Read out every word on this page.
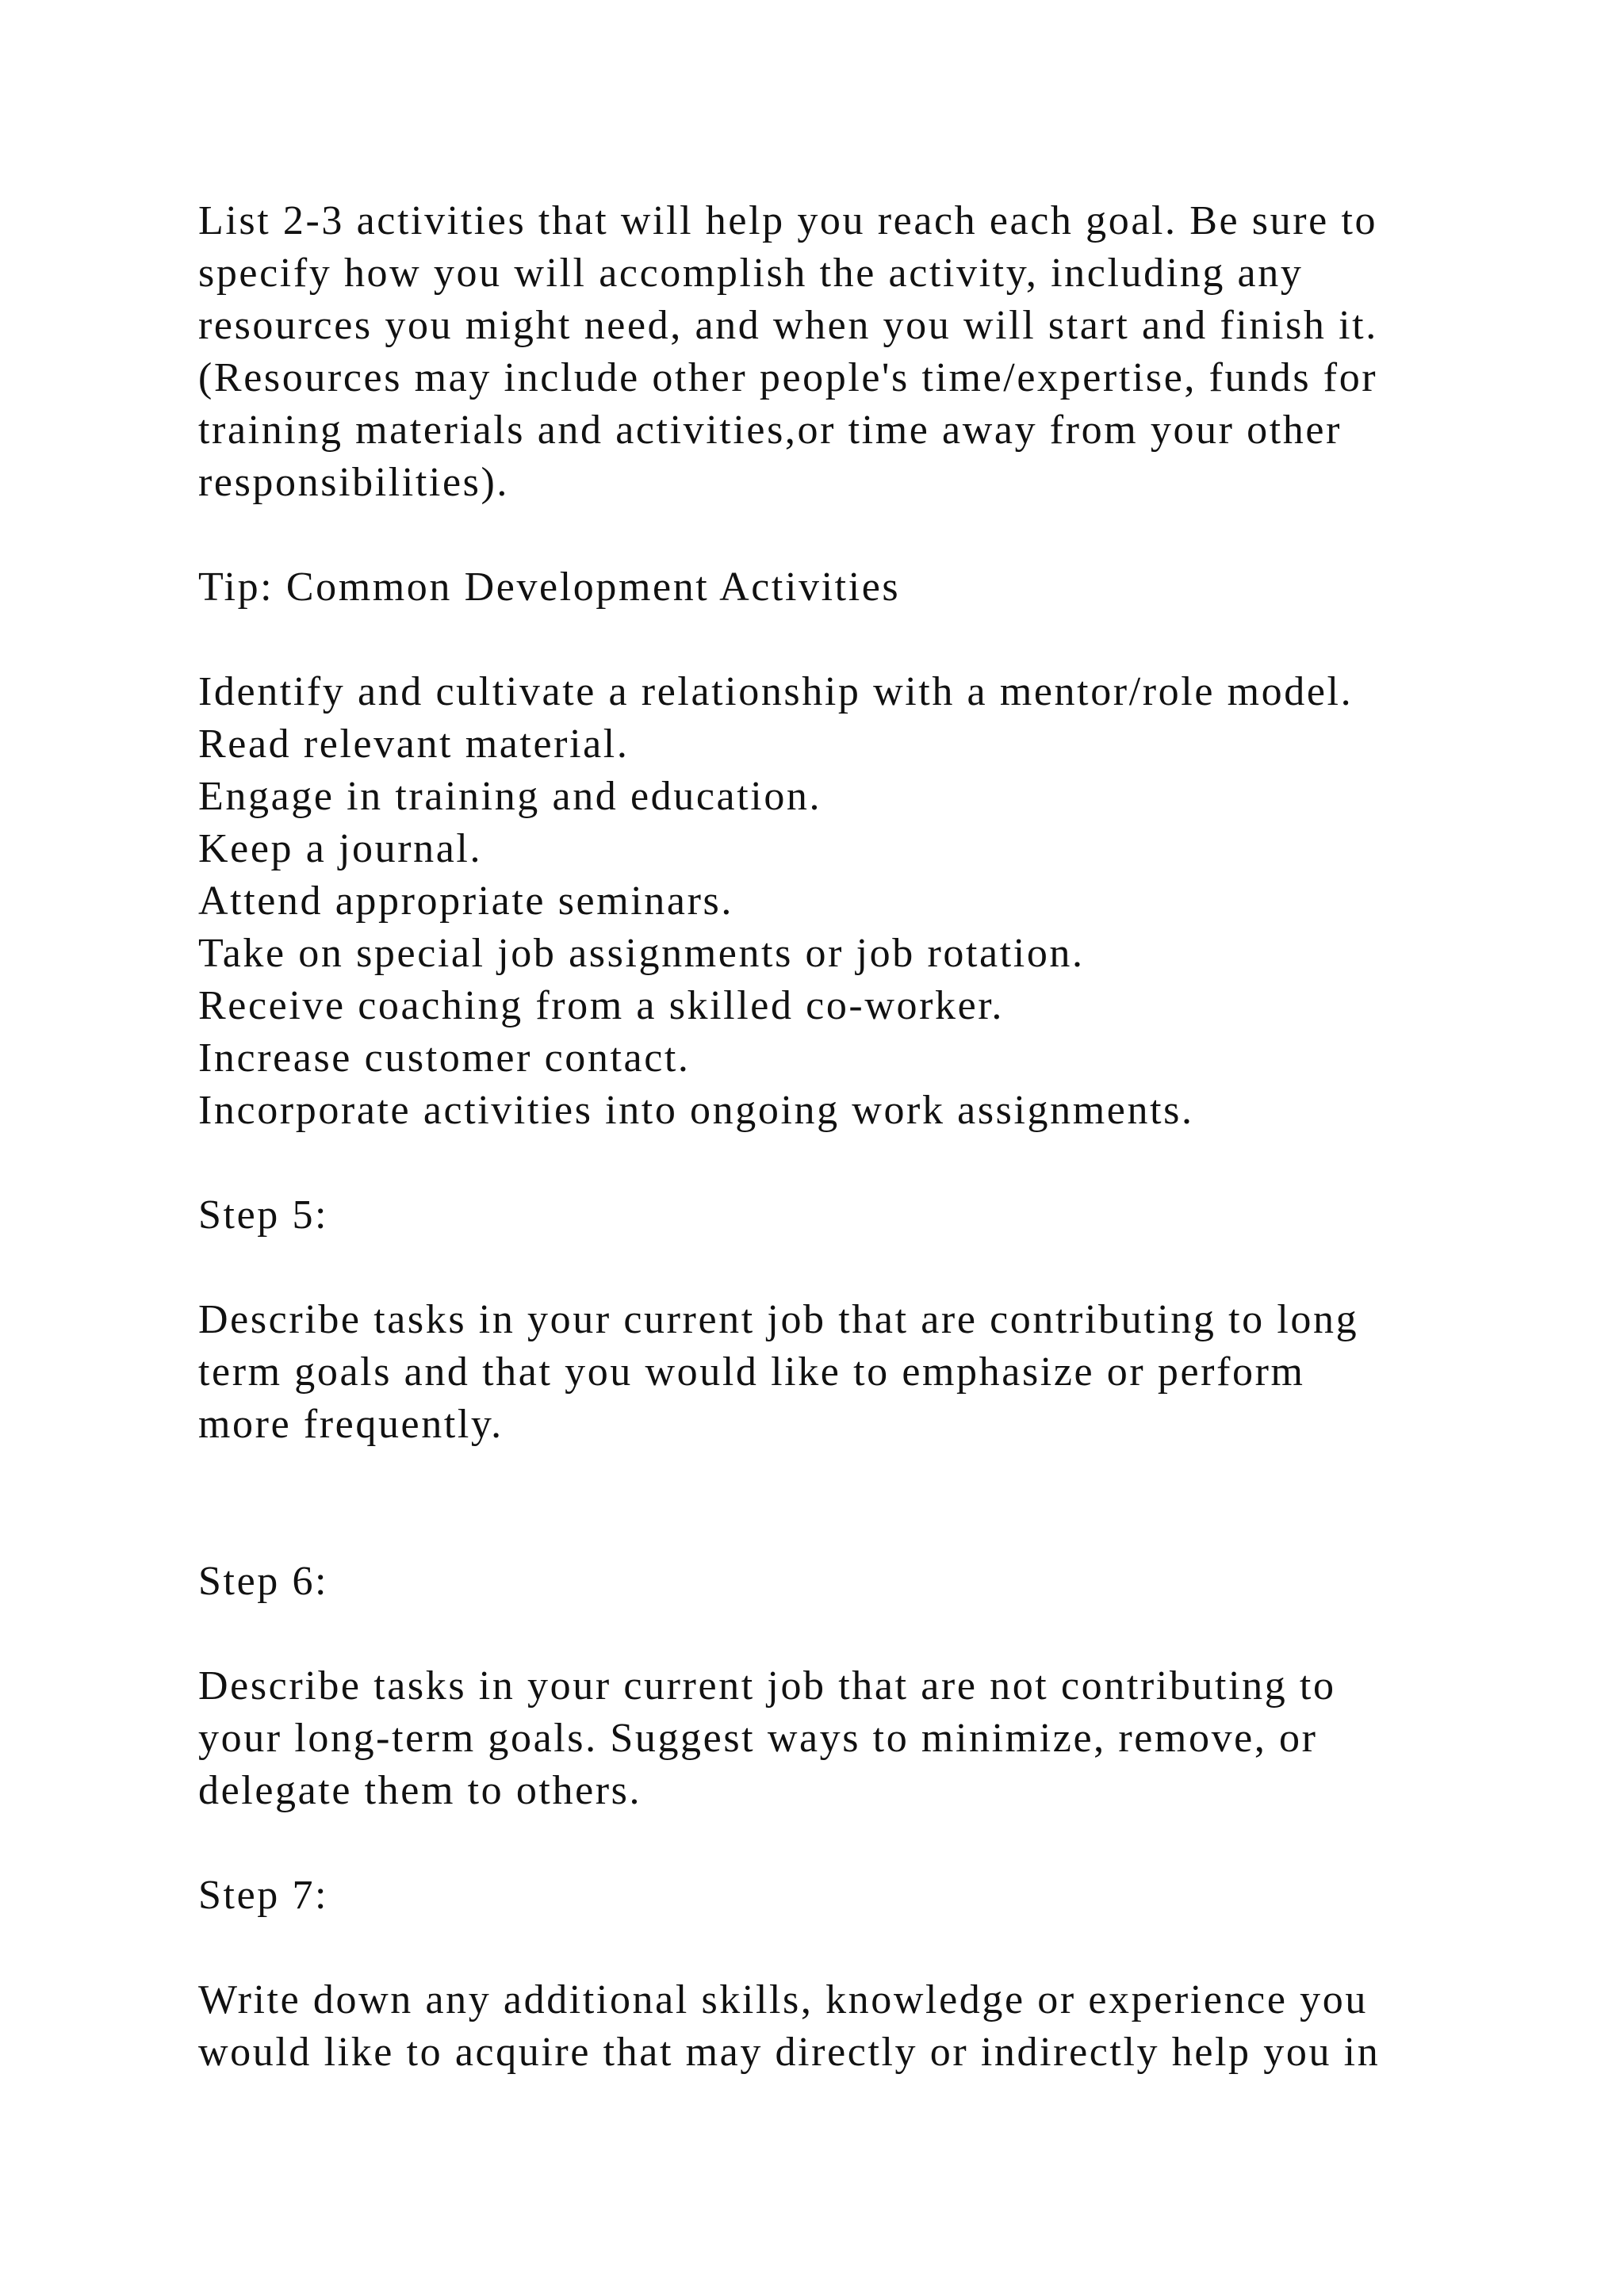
List 2-3 activities that will help you reach each goal. Be sure to
specify how you will accomplish the activity, including any
resources you might need, and when you will start and finish it.
(Resources may include other people's time/expertise, funds for
training materials and activities,or time away from your other
responsibilities).
Tip: Common Development Activities
Identify and cultivate a relationship with a mentor/role model.
Read relevant material.
Engage in training and education.
Keep a journal.
Attend appropriate seminars.
Take on special job assignments or job rotation.
Receive coaching from a skilled co-worker.
Increase customer contact.
Incorporate activities into ongoing work assignments.
Step 5:
Describe tasks in your current job that are contributing to long
term goals and that you would like to emphasize or perform
more frequently.
Step 6:
Describe tasks in your current job that are not contributing to
your long-term goals. Suggest ways to minimize, remove, or
delegate them to others.
Step 7:
Write down any additional skills, knowledge or experience you
would like to acquire that may directly or indirectly help you in
